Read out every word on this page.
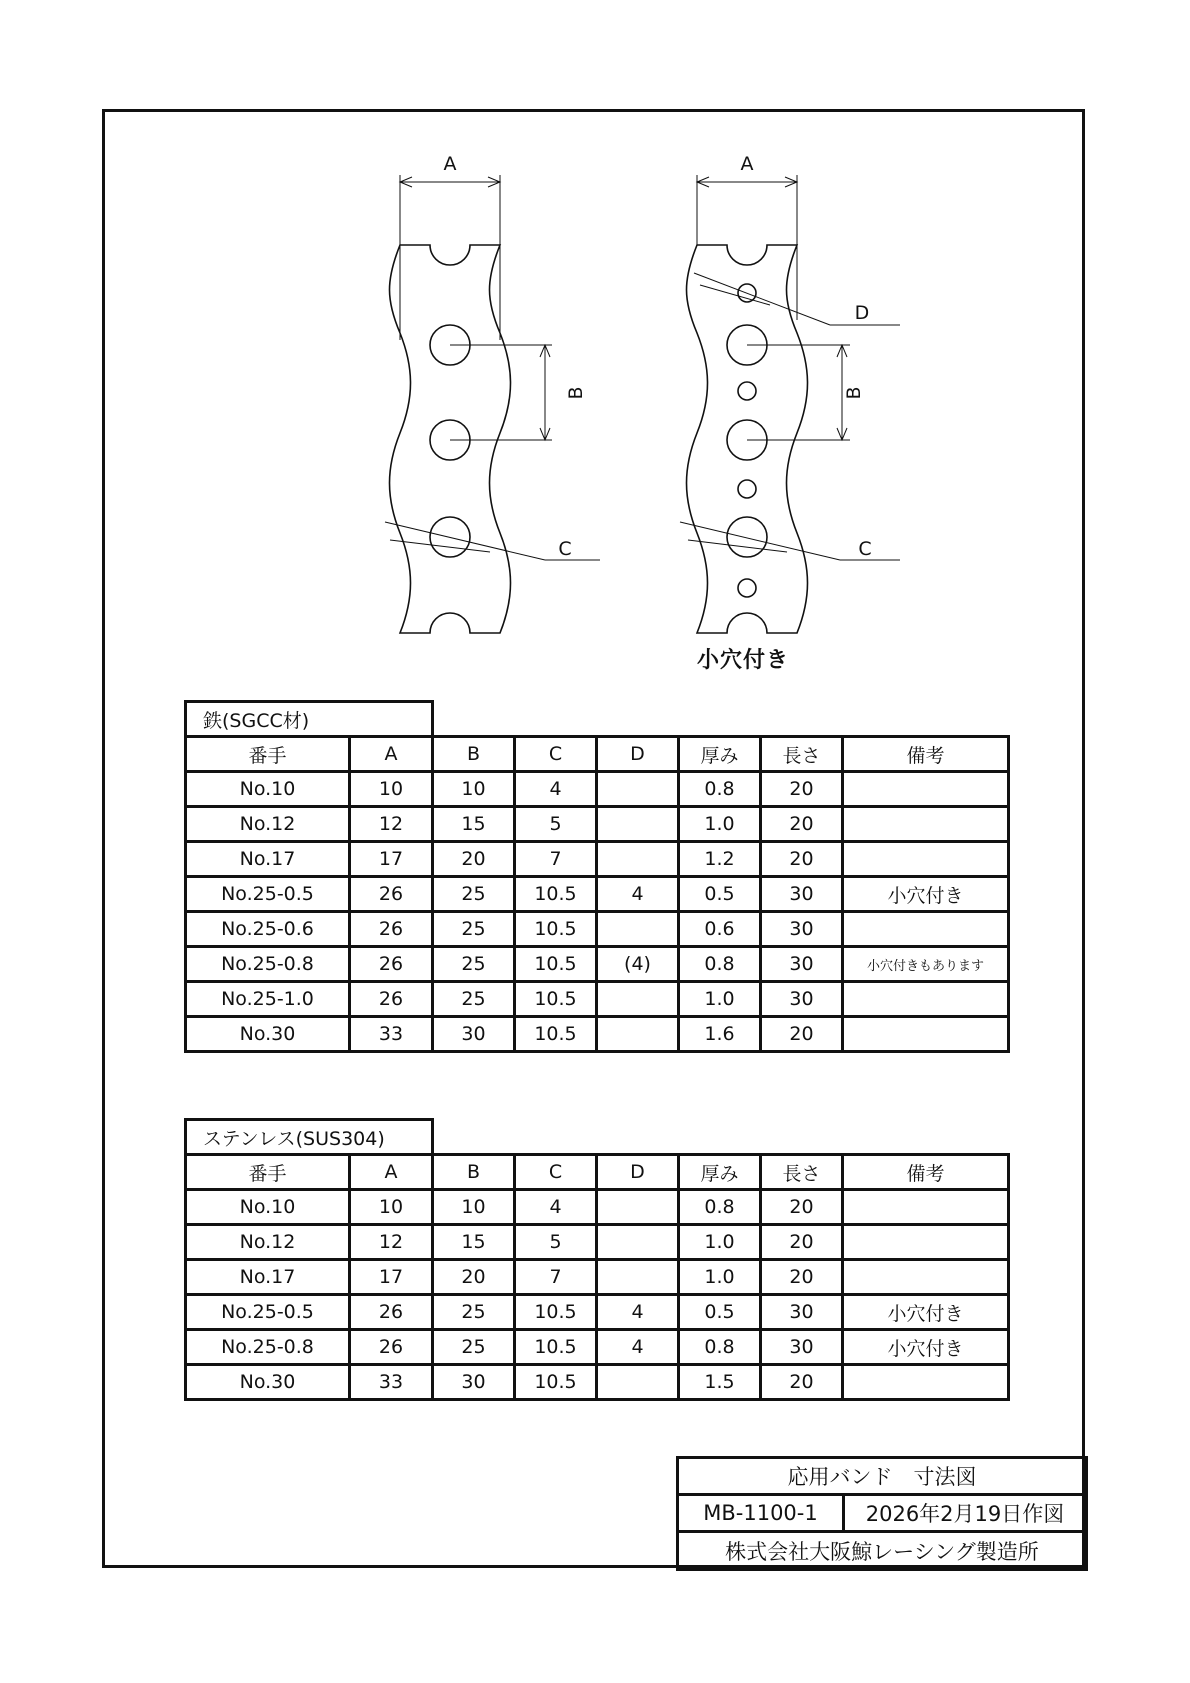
A
B
C
A
D
B
C
小穴付き
鉄(SGCC材)							
番手	A	B	C	D	厚み	長さ	備考
No.10	10	10	4		0.8	20	
No.12	12	15	5		1.0	20	
No.17	17	20	7		1.2	20	
No.25-0.5	26	25	10.5	4	0.5	30	小穴付き
No.25-0.6	26	25	10.5		0.6	30	
No.25-0.8	26	25	10.5	(4)	0.8	30	小穴付きもあります
No.25-1.0	26	25	10.5		1.0	30	
No.30	33	30	10.5		1.6	20	
ステンレス(SUS304)							
番手	A	B	C	D	厚み	長さ	備考
No.10	10	10	4		0.8	20	
No.12	12	15	5		1.0	20	
No.17	17	20	7		1.0	20	
No.25-0.5	26	25	10.5	4	0.5	30	小穴付き
No.25-0.8	26	25	10.5	4	0.8	30	小穴付き
No.30	33	30	10.5		1.5	20	
応用バンド　寸法図
MB-1100-1	2026年2月19日作図
株式会社大阪鯨レーシング製造所
